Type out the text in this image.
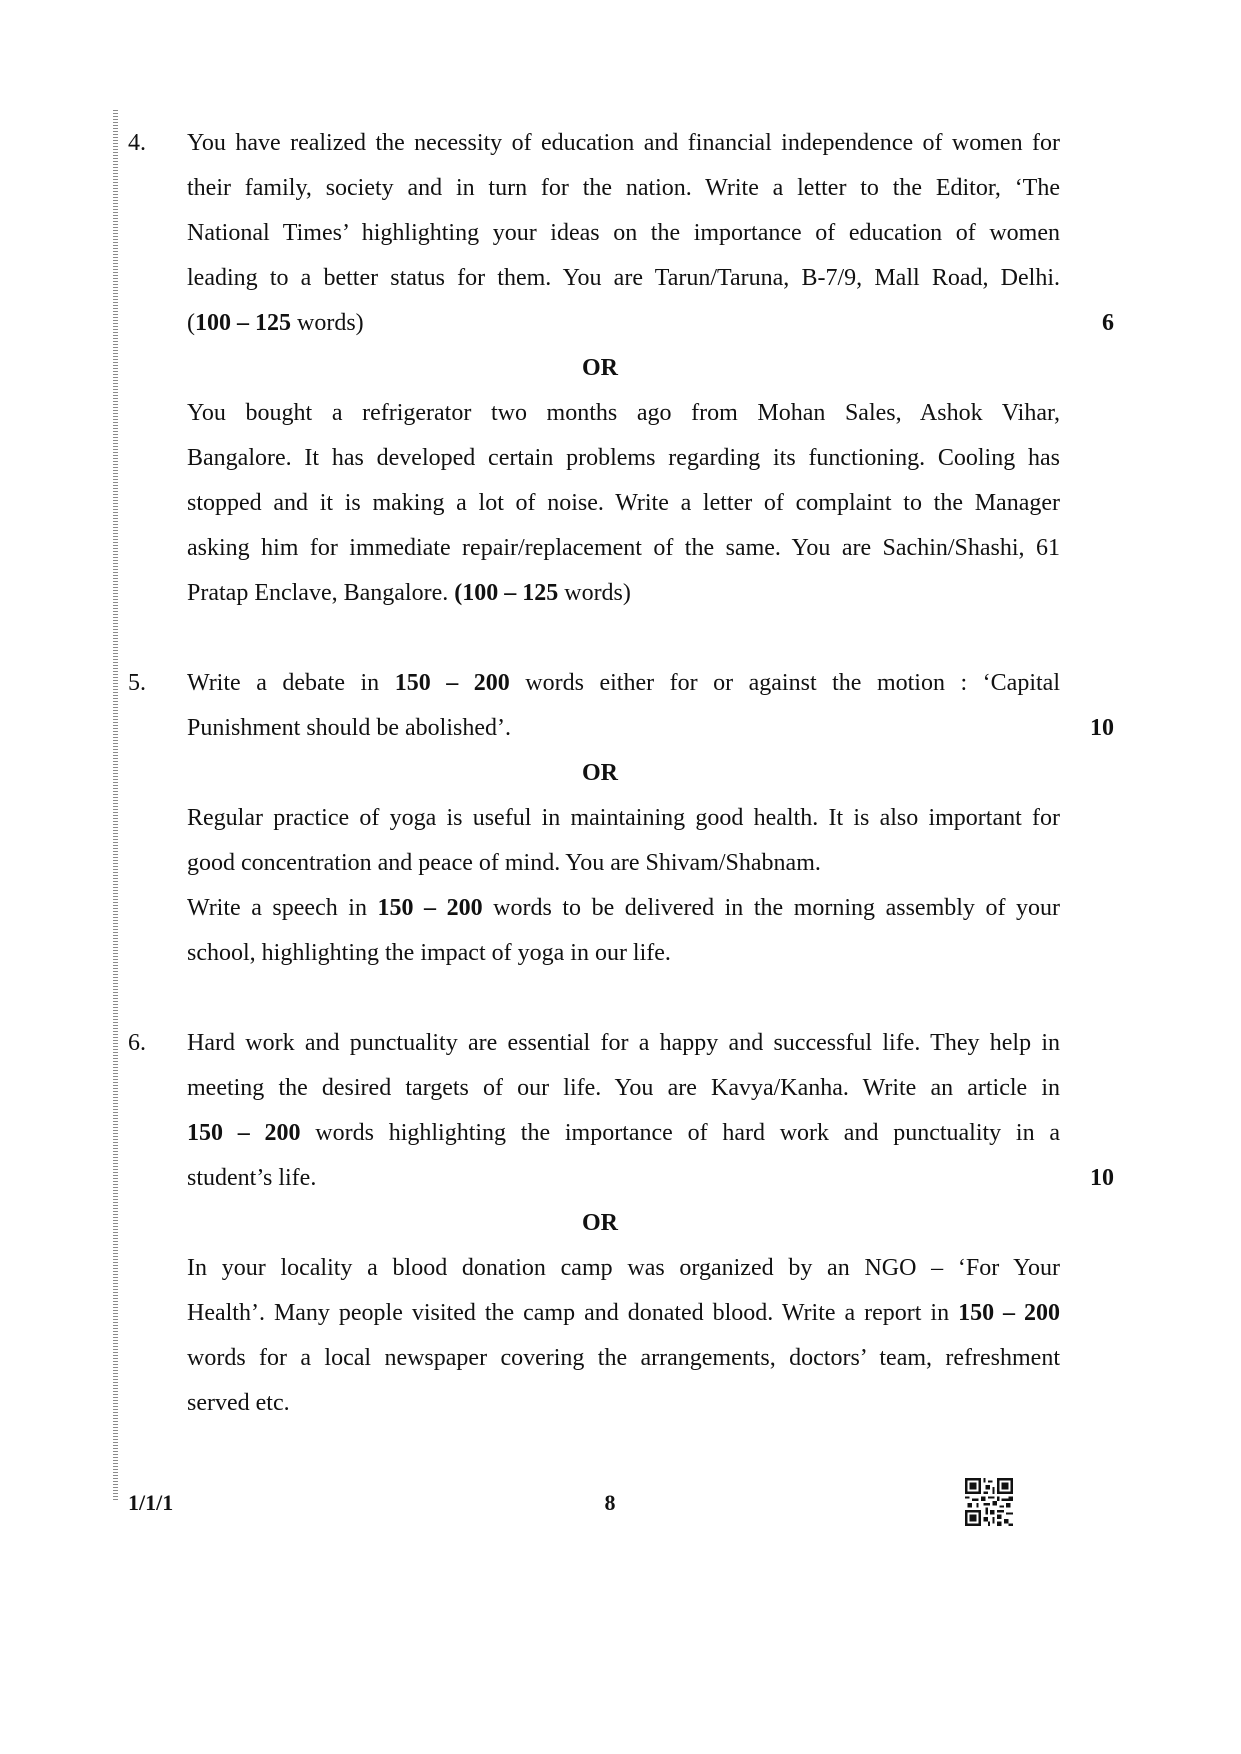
4. You have realized the necessity of education and financial independence of women for
their family, society and in turn for the nation. Write a letter to the Editor, ‘The
National Times’ highlighting your ideas on the importance of education of women
leading to a better status for them. You are Tarun/Taruna, B-7/9, Mall Road, Delhi.
(100 – 125 words)	6
OR
You bought a refrigerator two months ago from Mohan Sales, Ashok Vihar,
Bangalore. It has developed certain problems regarding its functioning. Cooling has
stopped and it is making a lot of noise. Write a letter of complaint to the Manager
asking him for immediate repair/replacement of the same. You are Sachin/Shashi, 61
Pratap Enclave, Bangalore. (100 – 125 words)
5. Write a debate in 150 – 200 words either for or against the motion : ‘Capital
Punishment should be abolished’.	10
OR
Regular practice of yoga is useful in maintaining good health. It is also important for
good concentration and peace of mind. You are Shivam/Shabnam.
Write a speech in 150 – 200 words to be delivered in the morning assembly of your
school, highlighting the impact of yoga in our life.
6. Hard work and punctuality are essential for a happy and successful life. They help in
meeting the desired targets of our life. You are Kavya/Kanha. Write an article in
150 – 200 words highlighting the importance of hard work and punctuality in a
student’s life.	10
OR
In your locality a blood donation camp was organized by an NGO – ‘For Your
Health’. Many people visited the camp and donated blood. Write a report in 150 – 200
words for a local newspaper covering the arrangements, doctors’ team, refreshment
served etc.
1/1/1	8
